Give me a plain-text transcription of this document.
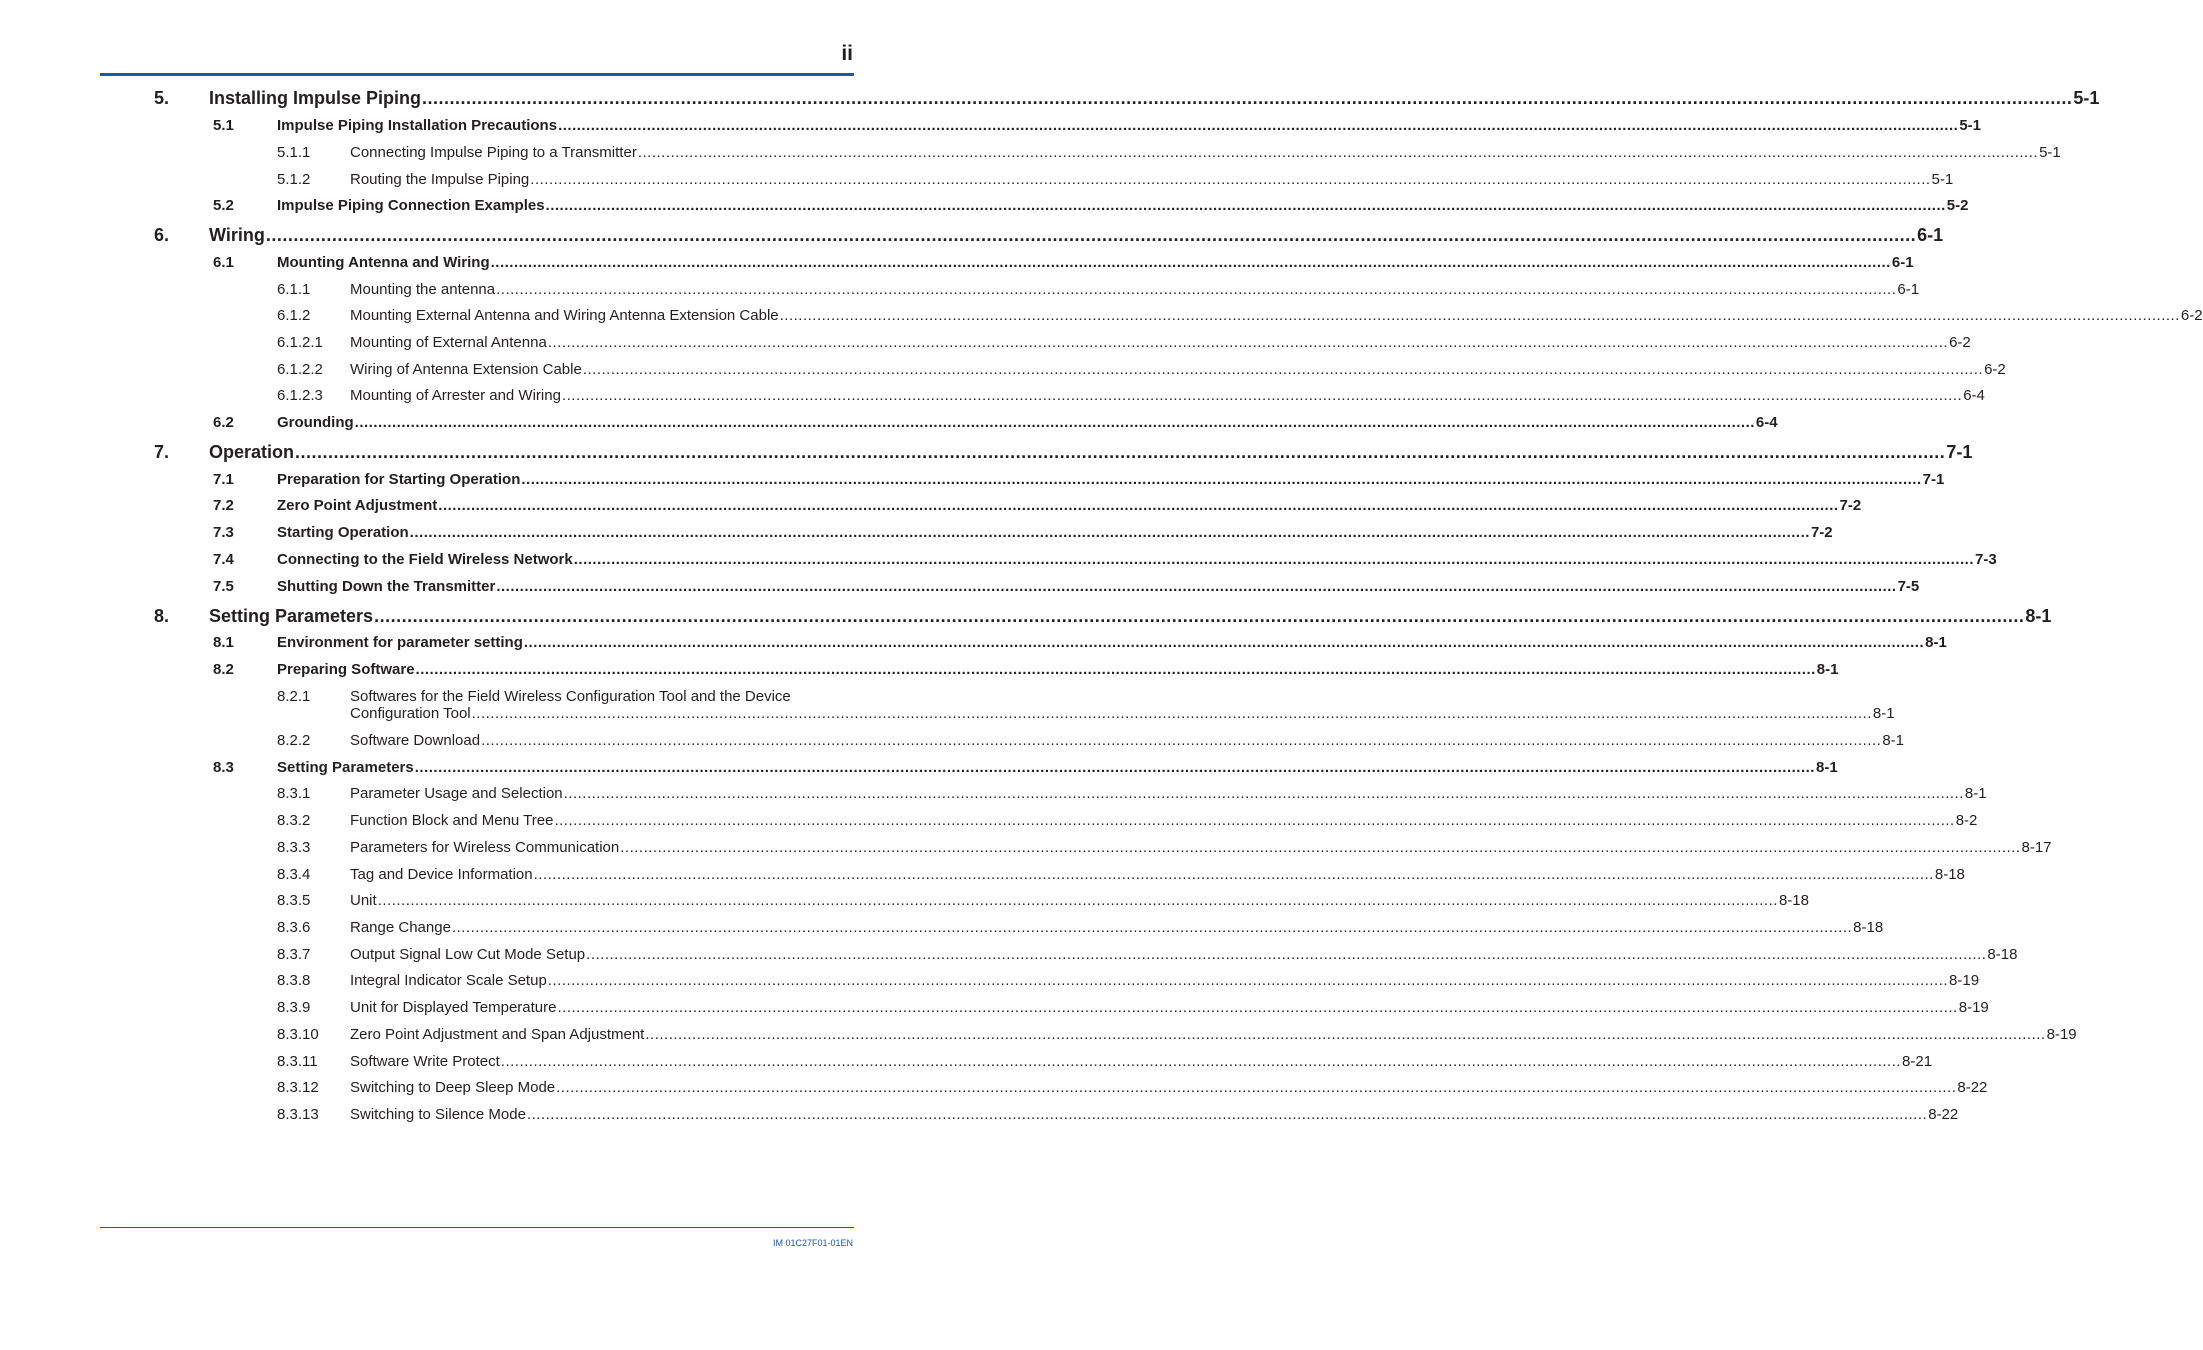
ii
5. Installing Impulse Piping ............................................................................................................................................................................................................................................................................................................ 5-1
5.1	Impulse Piping Installation Precautions ............................................................................................................................................................................................................................................................................................................ 5-1
5.1.1	Connecting Impulse Piping to a Transmitter ............................................................................................................................................................................................................................................................................................................ 5-1
5.1.2	Routing the Impulse Piping ............................................................................................................................................................................................................................................................................................................ 5-1
5.2	Impulse Piping Connection Examples ............................................................................................................................................................................................................................................................................................................ 5-2
6. Wiring ............................................................................................................................................................................................................................................................................................................ 6-1
6.1	Mounting Antenna and Wiring ............................................................................................................................................................................................................................................................................................................ 6-1
6.1.1	Mounting the antenna ............................................................................................................................................................................................................................................................................................................ 6-1
6.1.2	Mounting External Antenna and Wiring Antenna Extension Cable ............................................................................................................................................................................................................................................................................................................ 6-2
6.1.2.1 Mounting of External Antenna ............................................................................................................................................................................................................................................................................................................ 6-2
6.1.2.2 Wiring of Antenna Extension Cable ............................................................................................................................................................................................................................................................................................................ 6-2
6.1.2.3 Mounting of Arrester and Wiring ............................................................................................................................................................................................................................................................................................................ 6-4
6.2	Grounding ............................................................................................................................................................................................................................................................................................................ 6-4
7. Operation ............................................................................................................................................................................................................................................................................................................ 7-1
7.1	Preparation for Starting Operation ............................................................................................................................................................................................................................................................................................................ 7-1
7.2	Zero Point Adjustment ............................................................................................................................................................................................................................................................................................................ 7-2
7.3	Starting Operation ............................................................................................................................................................................................................................................................................................................ 7-2
7.4	Connecting to the Field Wireless Network ............................................................................................................................................................................................................................................................................................................ 7-3
7.5	Shutting Down the Transmitter ............................................................................................................................................................................................................................................................................................................ 7-5
8. Setting Parameters ............................................................................................................................................................................................................................................................................................................ 8-1
8.1	Environment for parameter setting ............................................................................................................................................................................................................................................................................................................ 8-1
8.2	Preparing Software ............................................................................................................................................................................................................................................................................................................ 8-1
8.2.1	Softwares for the Field Wireless Configuration Tool and the Device
Configuration Tool ............................................................................................................................................................................................................................................................................................................ 8-1
8.2.2	Software Download ............................................................................................................................................................................................................................................................................................................ 8-1
8.3	Setting Parameters ............................................................................................................................................................................................................................................................................................................ 8-1
8.3.1	Parameter Usage and Selection ............................................................................................................................................................................................................................................................................................................ 8-1
8.3.2	Function Block and Menu Tree ............................................................................................................................................................................................................................................................................................................ 8-2
8.3.3	Parameters for Wireless Communication ............................................................................................................................................................................................................................................................................................................ 8-17
8.3.4	Tag and Device Information ............................................................................................................................................................................................................................................................................................................ 8-18
8.3.5	Unit ............................................................................................................................................................................................................................................................................................................ 8-18
8.3.6	Range Change ............................................................................................................................................................................................................................................................................................................ 8-18
8.3.7	Output Signal Low Cut Mode Setup ............................................................................................................................................................................................................................................................................................................ 8-18
8.3.8	Integral Indicator Scale Setup ............................................................................................................................................................................................................................................................................................................ 8-19
8.3.9	Unit for Displayed Temperature ............................................................................................................................................................................................................................................................................................................ 8-19
8.3.10 Zero Point Adjustment and Span Adjustment ............................................................................................................................................................................................................................................................................................................ 8-19
8.3.11 Software Write Protect ............................................................................................................................................................................................................................................................................................................ 8-21
8.3.12 Switching to Deep Sleep Mode ............................................................................................................................................................................................................................................................................................................ 8-22
8.3.13 Switching to Silence Mode ............................................................................................................................................................................................................................................................................................................ 8-22
IM 01C27F01-01EN
